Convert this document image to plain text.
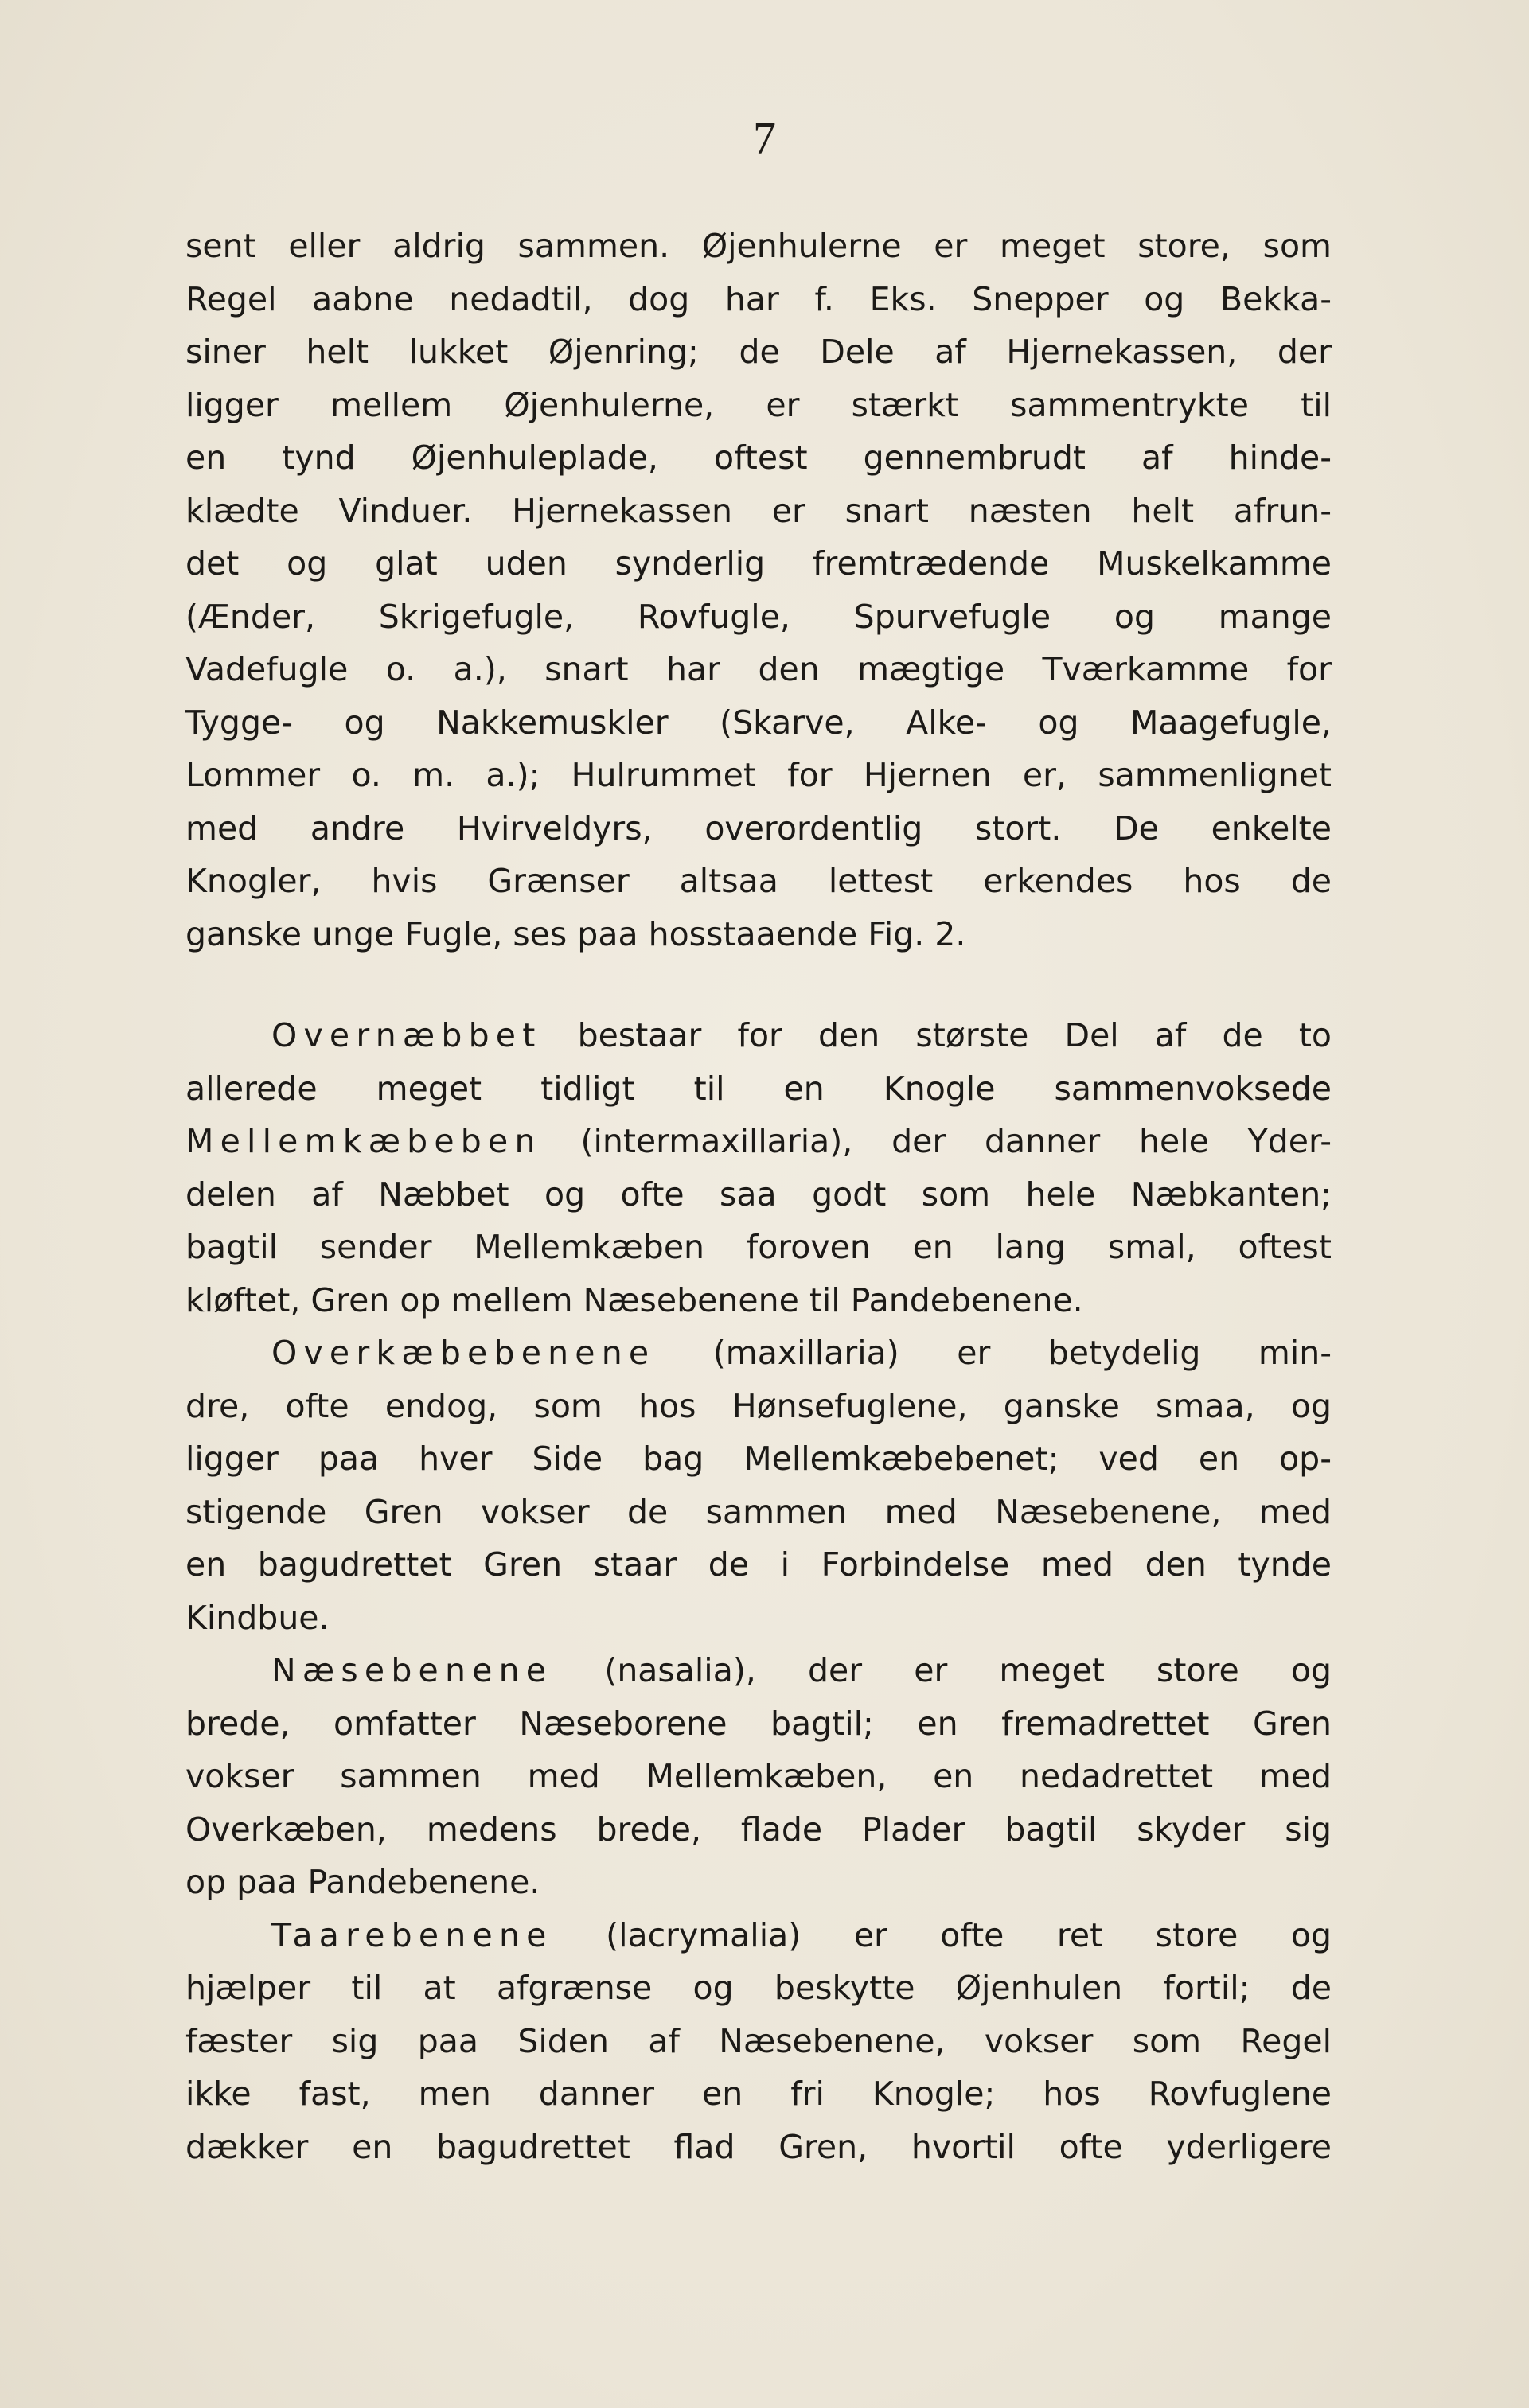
7
sent eller aldrig sammen. Øjenhulerne er meget store, som
Regel aabne nedadtil, dog har f. Eks. Snepper og Bekka-
siner helt lukket Øjenring; de Dele af Hjernekassen, der
ligger mellem Øjenhulerne, er stærkt sammentrykte til
en tynd Øjenhuleplade, oftest gennembrudt af hinde-
klædte Vinduer. Hjernekassen er snart næsten helt afrun-
det og glat uden synderlig fremtrædende Muskelkamme
(Ænder, Skrigefugle, Rovfugle, Spurvefugle og mange
Vadefugle o. a.), snart har den mægtige Tværkamme for
Tygge- og Nakkemuskler (Skarve, Alke- og Maagefugle,
Lommer o. m. a.); Hulrummet for Hjernen er, sammenlignet
med andre Hvirveldyrs, overordentlig stort. De enkelte
Knogler, hvis Grænser altsaa lettest erkendes hos de
ganske unge Fugle, ses paa hosstaaende Fig. 2.
Overnæbbet bestaar for den største Del af de to
allerede meget tidligt til en Knogle sammenvoksede
Mellemkæbeben (intermaxillaria), der danner hele Yder-
delen af Næbbet og ofte saa godt som hele Næbkanten;
bagtil sender Mellemkæben foroven en lang smal, oftest
kløftet, Gren op mellem Næsebenene til Pandebenene.
Overkæbebenene (maxillaria) er betydelig min-
dre, ofte endog, som hos Hønsefuglene, ganske smaa, og
ligger paa hver Side bag Mellemkæbebenet; ved en op-
stigende Gren vokser de sammen med Næsebenene, med
en bagudrettet Gren staar de i Forbindelse med den tynde
Kindbue.
Næsebenene (nasalia), der er meget store og
brede, omfatter Næseborene bagtil; en fremadrettet Gren
vokser sammen med Mellemkæben, en nedadrettet med
Overkæben, medens brede, flade Plader bagtil skyder sig
op paa Pandebenene.
Taarebenene (lacrymalia) er ofte ret store og
hjælper til at afgrænse og beskytte Øjenhulen fortil; de
fæster sig paa Siden af Næsebenene, vokser som Regel
ikke fast, men danner en fri Knogle; hos Rovfuglene
dækker en bagudrettet flad Gren, hvortil ofte yderligere
